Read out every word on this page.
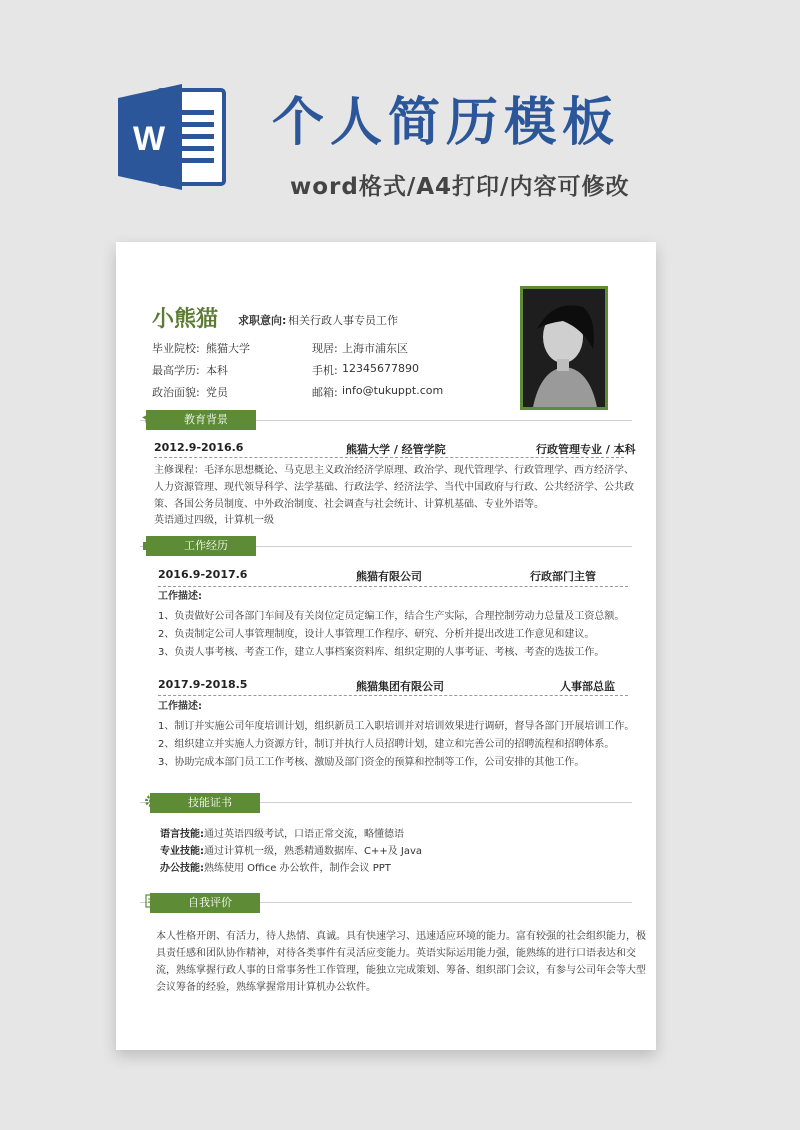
W 个人简历模板
word格式/A4打印/内容可修改
小熊猫 求职意向: 相关行政人事专员工作
毕业院校: 熊猫大学	现居: 上海市浦东区
最高学历: 本科	手机: 12345677890
政治面貌: 党员	邮箱: info@tukuppt.com
教育背景
2012.9-2016.6	熊猫大学 / 经管学院	行政管理专业 / 本科
主修课程：毛泽东思想概论、马克思主义政治经济学原理、政治学、现代管理学、行政管理学、西方经济学、人力资源管理、现代领导科学、法学基础、行政法学、经济法学、当代中国政府与行政、公共经济学、公共政策、各国公务员制度、中外政治制度、社会调查与社会统计、计算机基础、专业外语等。
英语通过四级，计算机一级
工作经历
2016.9-2017.6	熊猫有限公司	行政部门主管
工作描述:
1、负责做好公司各部门车间及有关岗位定员定编工作，结合生产实际，合理控制劳动力总量及工资总额。
2、负责制定公司人事管理制度，设计人事管理工作程序、研究、分析并提出改进工作意见和建议。
3、负责人事考核、考查工作，建立人事档案资料库、组织定期的人事考证、考核、考查的选拔工作。
2017.9-2018.5	熊猫集团有限公司	人事部总监
工作描述:
1、制订并实施公司年度培训计划，组织新员工入职培训并对培训效果进行调研，督导各部门开展培训工作。
2、组织建立并实施人力资源方针，制订并执行人员招聘计划，建立和完善公司的招聘流程和招聘体系。
3、协助完成本部门员工工作考核、激励及部门资金的预算和控制等工作，公司安排的其他工作。
技能证书
语言技能:通过英语四级考试，口语正常交流，略懂德语
专业技能:通过计算机一级，熟悉精通数据库、C++及 Java
办公技能:熟练使用 Office 办公软件，制作会议 PPT
自我评价
本人性格开朗、有活力，待人热情、真诚。具有快速学习、迅速适应环境的能力。富有较强的社会组织能力，极具责任感和团队协作精神，对待各类事件有灵活应变能力。英语实际运用能力强，能熟练的进行口语表达和交流，熟练掌握行政人事的日常事务性工作管理，能独立完成策划、筹备、组织部门会议，有参与公司年会等大型会议筹备的经验，熟练掌握常用计算机办公软件。
